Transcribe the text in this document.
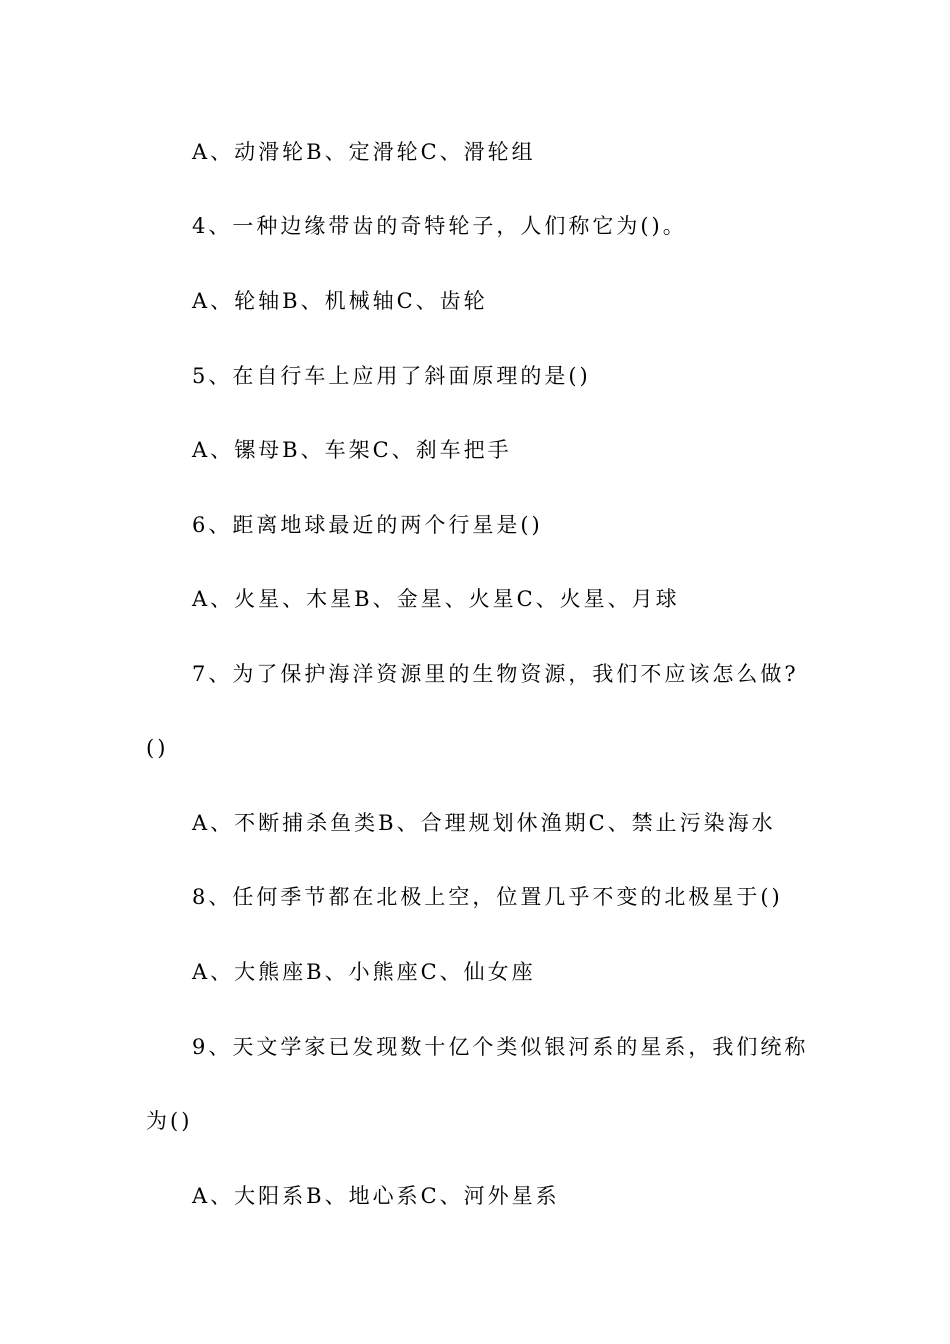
A、动滑轮B、定滑轮C、滑轮组
4、一种边缘带齿的奇特轮子，人们称它为()。
A、轮轴B、机械轴C、齿轮
5、在自行车上应用了斜面原理的是()
A、镙母B、车架C、刹车把手
6、距离地球最近的两个行星是()
A、火星、木星B、金星、火星C、火星、月球
7、为了保护海洋资源里的生物资源，我们不应该怎么做?
()
A、不断捕杀鱼类B、合理规划休渔期C、禁止污染海水
8、任何季节都在北极上空，位置几乎不变的北极星于()
A、大熊座B、小熊座C、仙女座
9、天文学家已发现数十亿个类似银河系的星系，我们统称
为()
A、大阳系B、地心系C、河外星系
